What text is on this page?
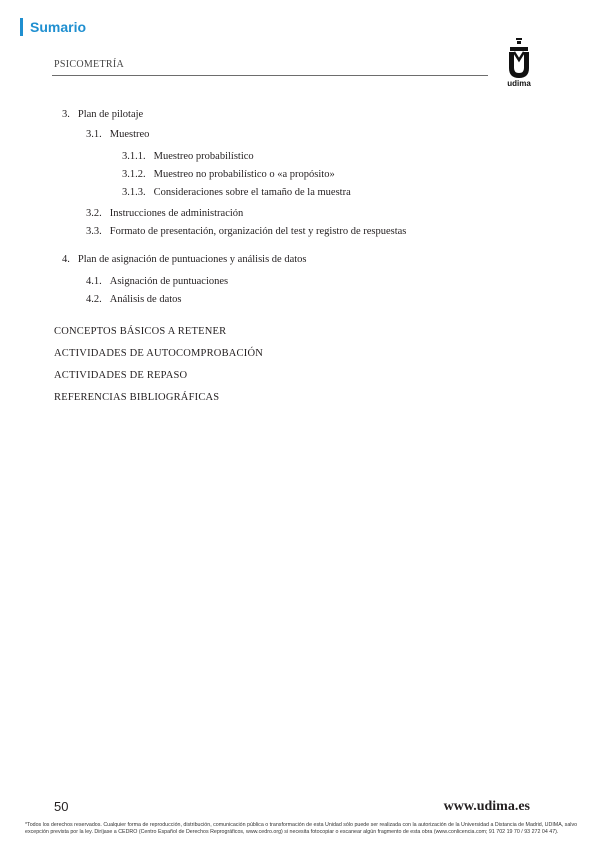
Sumario
PSICOMETRÍA
udima
3. Plan de pilotaje
3.1. Muestreo
3.1.1. Muestreo probabilístico
3.1.2. Muestreo no probabilístico o «a propósito»
3.1.3. Consideraciones sobre el tamaño de la muestra
3.2. Instrucciones de administración
3.3. Formato de presentación, organización del test y registro de respuestas
4. Plan de asignación de puntuaciones y análisis de datos
4.1. Asignación de puntuaciones
4.2. Análisis de datos
CONCEPTOS BÁSICOS A RETENER
ACTIVIDADES DE AUTOCOMPROBACIÓN
ACTIVIDADES DE REPASO
REFERENCIAS BIBLIOGRÁFICAS
50	www.udima.es
*Todos los derechos reservados. Cualquier forma de reproducción, distribución, comunicación pública o transformación de esta Unidad sólo puede ser realizada con la autorización de la Universidad a Distancia de Madrid, UDIMA, salvo excepción prevista por la ley. Diríjase a CEDRO (Centro Español de Derechos Reprográficos, www.cedro.org) si necesita fotocopiar o escanear algún fragmento de esta obra (www.conlicencia.com; 91 702 19 70 / 93 272 04 47).
